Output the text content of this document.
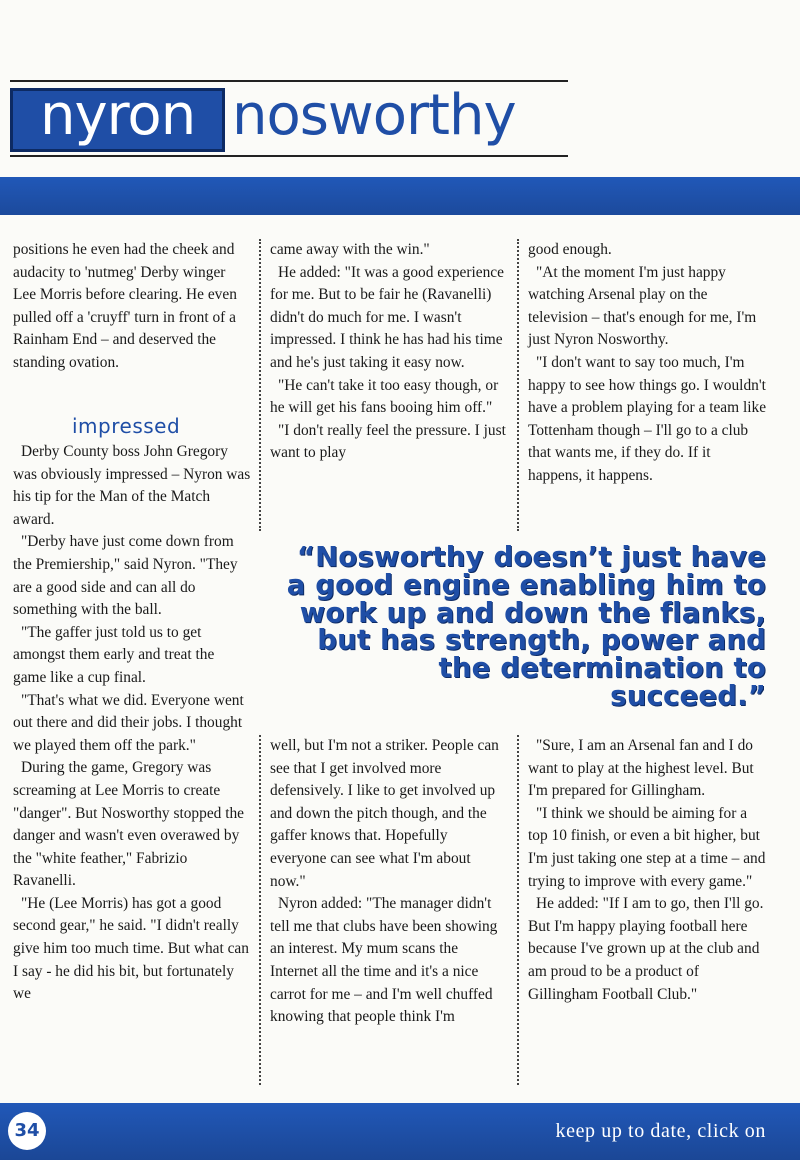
nyron nosworthy

positions he even had the cheek and audacity to 'nutmeg' Derby winger Lee Morris before clearing. He even pulled off a 'cruyff' turn in front of a Rainham End – and deserved the standing ovation.

impressed

Derby County boss John Gregory was obviously impressed – Nyron was his tip for the Man of the Match award.

"Derby have just come down from the Premiership," said Nyron. "They are a good side and can all do something with the ball.

"The gaffer just told us to get amongst them early and treat the game like a cup final.

"That's what we did. Everyone went out there and did their jobs. I thought we played them off the park."

During the game, Gregory was screaming at Lee Morris to create "danger". But Nosworthy stopped the danger and wasn't even overawed by the "white feather," Fabrizio Ravanelli.

"He (Lee Morris) has got a good second gear," he said. "I didn't really give him too much time. But what can I say - he did his bit, but fortunately we

came away with the win."

He added: "It was a good experience for me. But to be fair he (Ravanelli) didn't do much for me. I wasn't impressed. I think he has had his time and he's just taking it easy now.

"He can't take it too easy though, or he will get his fans booing him off."

"I don't really feel the pressure. I just want to play

good enough.

"At the moment I'm just happy watching Arsenal play on the television – that's enough for me, I'm just Nyron Nosworthy.

"I don't want to say too much, I'm happy to see how things go. I wouldn't have a problem playing for a team like Tottenham though – I'll go to a club that wants me, if they do. If it happens, it happens.

“Nosworthy doesn’t just have a good engine enabling him to work up and down the flanks, but has strength, power and the determination to succeed.”

well, but I'm not a striker. People can see that I get involved more defensively. I like to get involved up and down the pitch though, and the gaffer knows that. Hopefully everyone can see what I'm about now."

Nyron added: "The manager didn't tell me that clubs have been showing an interest. My mum scans the Internet all the time and it's a nice carrot for me – and I'm well chuffed knowing that people think I'm

"Sure, I am an Arsenal fan and I do want to play at the highest level. But I'm prepared for Gillingham.

"I think we should be aiming for a top 10 finish, or even a bit higher, but I'm just taking one step at a time – and trying to improve with every game."

He added: "If I am to go, then I'll go. But I'm happy playing football here because I've grown up at the club and am proud to be a product of Gillingham Football Club."

34	keep up to date, click on
